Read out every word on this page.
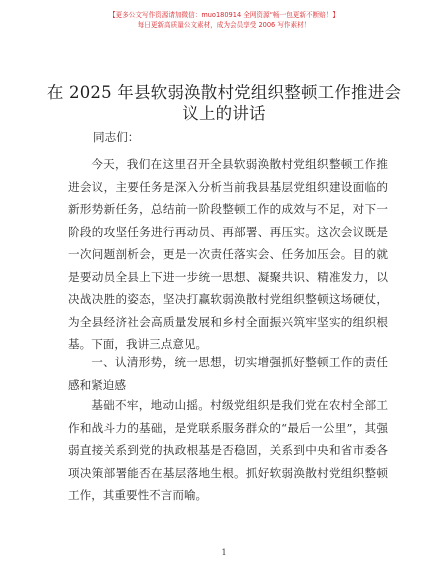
【更多公文写作资源请加微信：muo180914 全网资源“畅一包更新不断赔！】
每日更新高质量公文素材，成为会员享受 2006 写作素材！
在 2025 年县软弱涣散村党组织整顿工作推进会议上的讲话
同志们：

今天，我们在这里召开全县软弱涣散村党组织整顿工作推进会议，主要任务是深入分析当前我县基层党组织建设面临的新形势新任务，总结前一阶段整顿工作的成效与不足，对下一阶段的攻坚任务进行再动员、再部署、再压实。这次会议既是一次问题剖析会，更是一次责任落实会、任务加压会。目的就是要动员全县上下进一步统一思想、凝聚共识、精准发力，以决战决胜的姿态，坚决打赢软弱涣散村党组织整顿这场硬仗，为全县经济社会高质量发展和乡村全面振兴筑牢坚实的组织根基。下面，我讲三点意见。

一、认清形势，统一思想，切实增强抓好整顿工作的责任感和紧迫感

基础不牢，地动山摇。村级党组织是我们党在农村全部工作和战斗力的基础，是党联系服务群众的“最后一公里”，其强弱直接关系到党的执政根基是否稳固，关系到中央和省市委各项决策部署能否在基层落地生根。抓好软弱涣散村党组织整顿工作，其重要性不言而喻。

1
